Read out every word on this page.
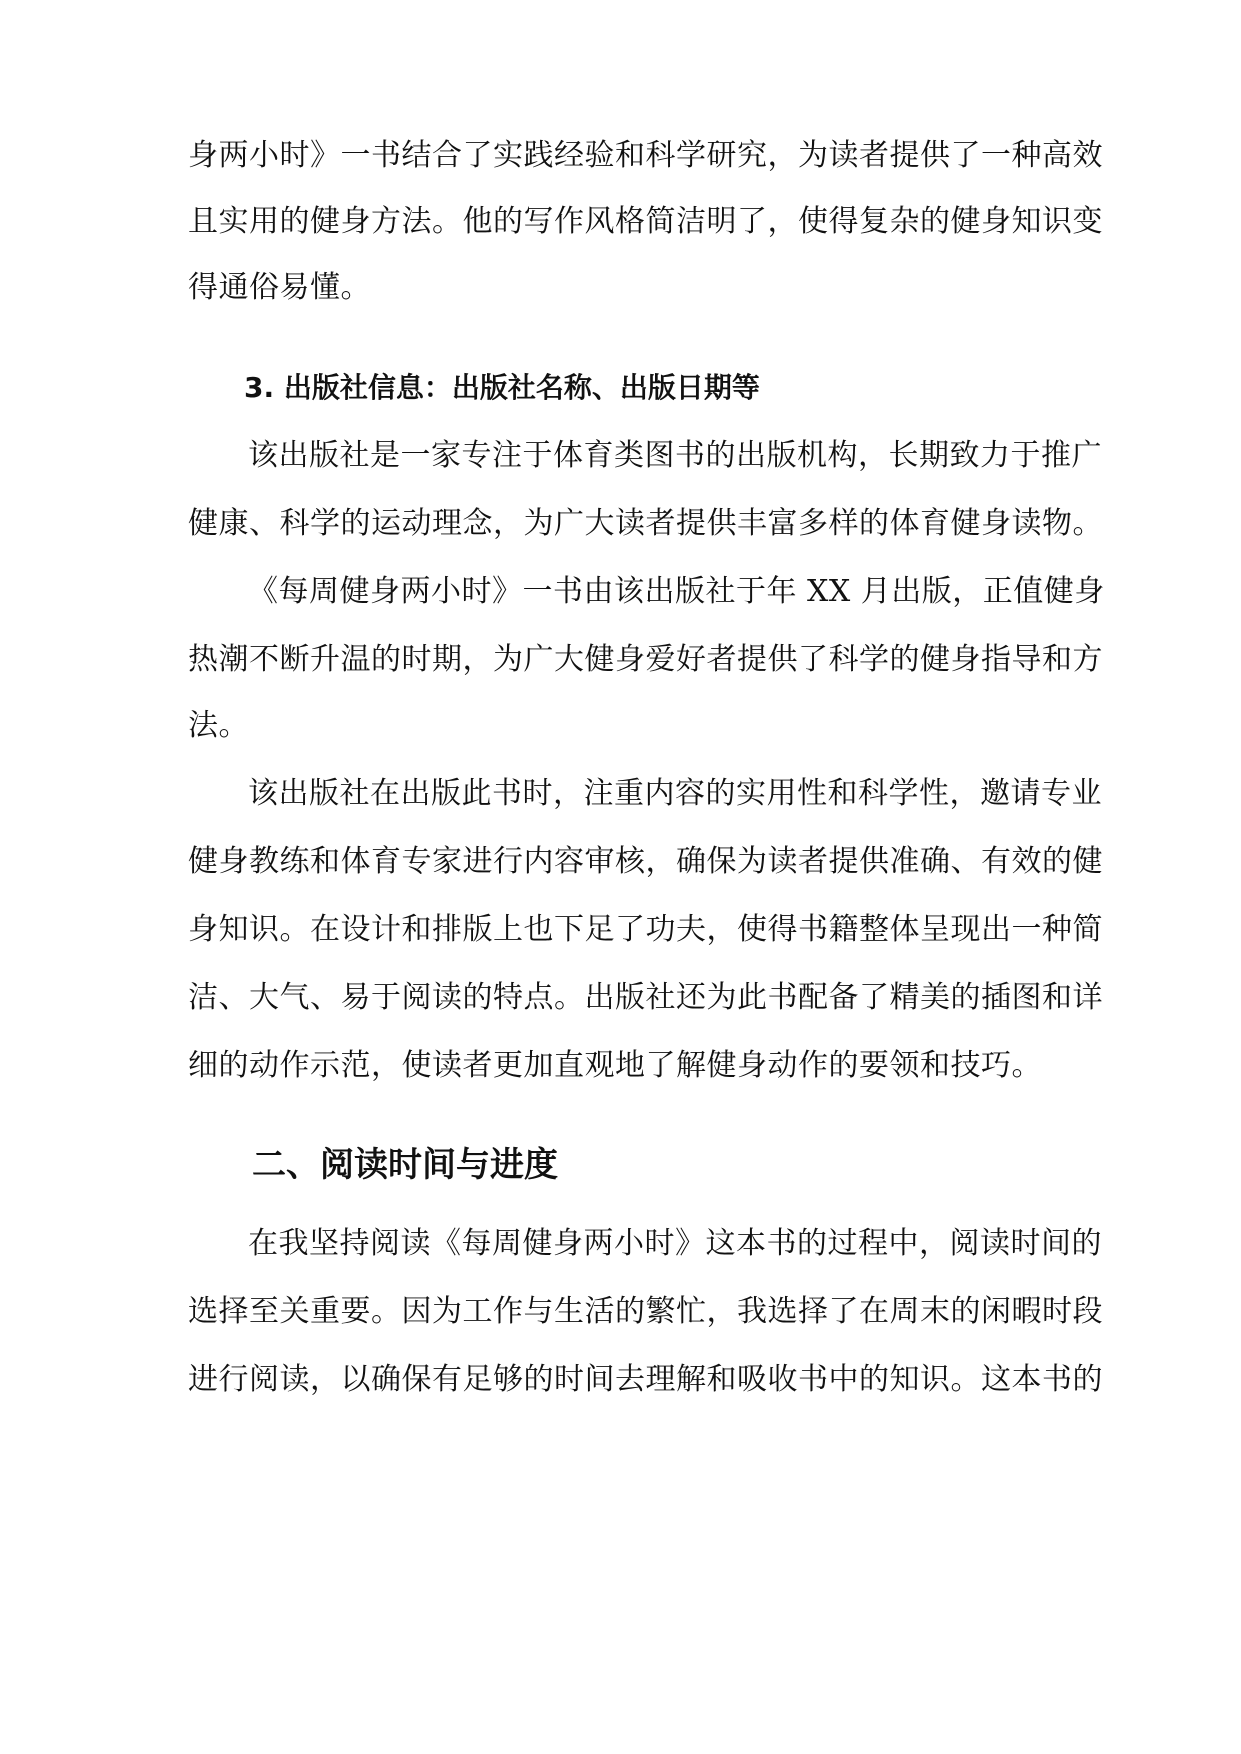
身两小时》一书结合了实践经验和科学研究，为读者提供了一种高效
且实用的健身方法。他的写作风格简洁明了，使得复杂的健身知识变
得通俗易懂。
3. 出版社信息：出版社名称、出版日期等
该出版社是一家专注于体育类图书的出版机构，长期致力于推广
健康、科学的运动理念，为广大读者提供丰富多样的体育健身读物。
《每周健身两小时》一书由该出版社于年 XX 月出版，正值健身
热潮不断升温的时期，为广大健身爱好者提供了科学的健身指导和方
法。
该出版社在出版此书时，注重内容的实用性和科学性，邀请专业
健身教练和体育专家进行内容审核，确保为读者提供准确、有效的健
身知识。在设计和排版上也下足了功夫，使得书籍整体呈现出一种简
洁、大气、易于阅读的特点。出版社还为此书配备了精美的插图和详
细的动作示范，使读者更加直观地了解健身动作的要领和技巧。
二、阅读时间与进度
在我坚持阅读《每周健身两小时》这本书的过程中，阅读时间的
选择至关重要。因为工作与生活的繁忙，我选择了在周末的闲暇时段
进行阅读，以确保有足够的时间去理解和吸收书中的知识。这本书的
